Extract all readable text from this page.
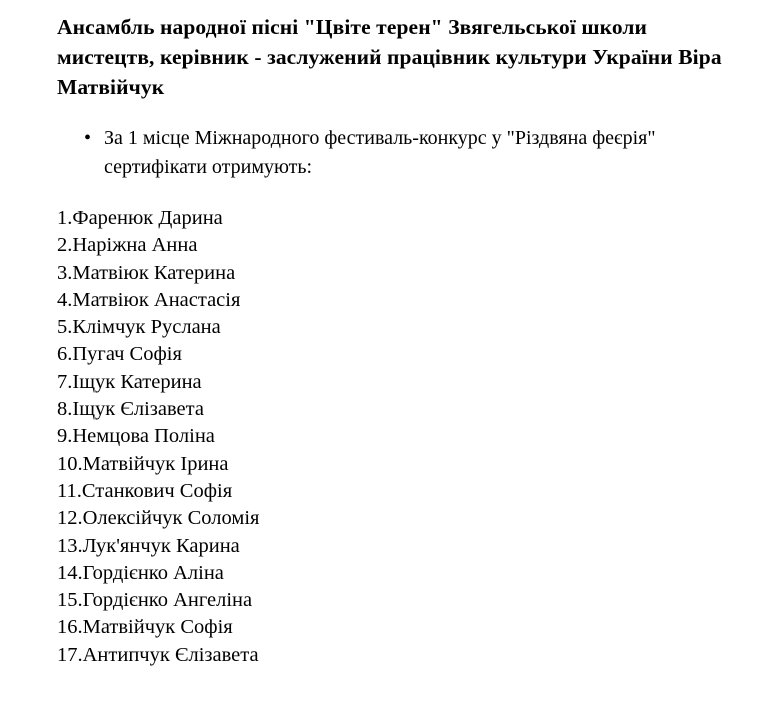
Ансамбль народної пісні "Цвіте терен" Звягельської школи мистецтв, керівник - заслужений працівник культури України Віра Матвійчук
• За 1 місце Міжнародного фестиваль-конкурс у "Різдвяна феєрія" сертифікати отримують:
1.Фаренюк Дарина
2.Наріжна Анна
3.Матвіюк Катерина
4.Матвіюк Анастасія
5.Клімчук Руслана
6.Пугач Софія
7.Іщук Катерина
8.Іщук Єлізавета
9.Немцова Поліна
10.Матвійчук Ірина
11.Станкович Софія
12.Олексійчук Соломія
13.Лук'янчук Карина
14.Гордієнко Аліна
15.Гордієнко Ангеліна
16.Матвійчук Софія
17.Антипчук Єлізавета
